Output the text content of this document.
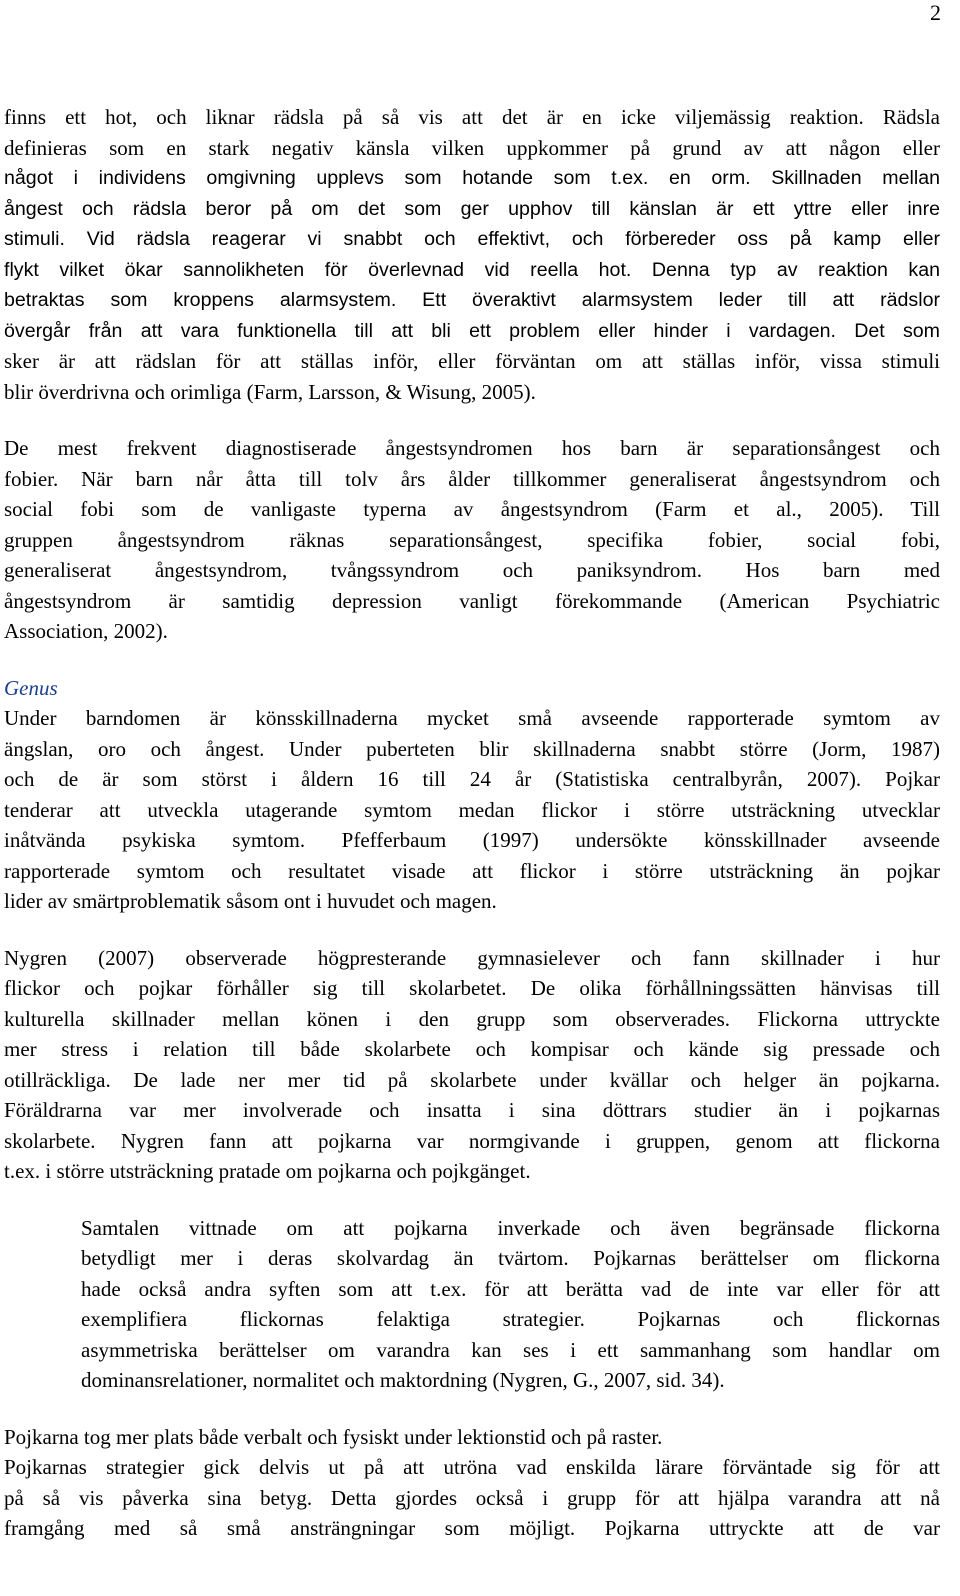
2
finns ett hot, och liknar rädsla på så vis att det är en icke viljemässig reaktion. Rädsla
definieras som en stark negativ känsla vilken uppkommer på grund av att någon eller
något i individens omgivning upplevs som hotande som t.ex. en orm. Skillnaden mellan
ångest och rädsla beror på om det som ger upphov till känslan är ett yttre eller inre
stimuli. Vid rädsla reagerar vi snabbt och effektivt, och förbereder oss på kamp eller
flykt vilket ökar sannolikheten för överlevnad vid reella hot. Denna typ av reaktion kan
betraktas som kroppens alarmsystem. Ett överaktivt alarmsystem leder till att rädslor
övergår från att vara funktionella till att bli ett problem eller hinder i vardagen. Det som
sker är att rädslan för att ställas inför, eller förväntan om att ställas inför, vissa stimuli
blir överdrivna och orimliga (Farm, Larsson, & Wisung, 2005).
De mest frekvent diagnostiserade ångestsyndromen hos barn är separationsångest och
fobier. När barn når åtta till tolv års ålder tillkommer generaliserat ångestsyndrom och
social fobi som de vanligaste typerna av ångestsyndrom (Farm et al., 2005). Till
gruppen ångestsyndrom räknas separationsångest, specifika fobier, social fobi,
generaliserat ångestsyndrom, tvångssyndrom och paniksyndrom. Hos barn med
ångestsyndrom är samtidig depression vanligt förekommande (American Psychiatric
Association, 2002).
Genus
Under barndomen är könsskillnaderna mycket små avseende rapporterade symtom av
ängslan, oro och ångest. Under puberteten blir skillnaderna snabbt större (Jorm, 1987)
och de är som störst i åldern 16 till 24 år (Statistiska centralbyrån, 2007). Pojkar
tenderar att utveckla utagerande symtom medan flickor i större utsträckning utvecklar
inåtvända psykiska symtom. Pfefferbaum (1997) undersökte könsskillnader avseende
rapporterade symtom och resultatet visade att flickor i större utsträckning än pojkar
lider av smärtproblematik såsom ont i huvudet och magen.
Nygren (2007) observerade högpresterande gymnasielever och fann skillnader i hur
flickor och pojkar förhåller sig till skolarbetet. De olika förhållningssätten hänvisas till
kulturella skillnader mellan könen i den grupp som observerades. Flickorna uttryckte
mer stress i relation till både skolarbete och kompisar och kände sig pressade och
otillräckliga. De lade ner mer tid på skolarbete under kvällar och helger än pojkarna.
Föräldrarna var mer involverade och insatta i sina döttrars studier än i pojkarnas
skolarbete. Nygren fann att pojkarna var normgivande i gruppen, genom att flickorna
t.ex. i större utsträckning pratade om pojkarna och pojkgänget.
Samtalen vittnade om att pojkarna inverkade och även begränsade flickorna
betydligt mer i deras skolvardag än tvärtom. Pojkarnas berättelser om flickorna
hade också andra syften som att t.ex. för att berätta vad de inte var eller för att
exemplifiera flickornas felaktiga strategier. Pojkarnas och flickornas
asymmetriska berättelser om varandra kan ses i ett sammanhang som handlar om
dominansrelationer, normalitet och maktordning (Nygren, G., 2007, sid. 34).
Pojkarna tog mer plats både verbalt och fysiskt under lektionstid och på raster.
Pojkarnas strategier gick delvis ut på att utröna vad enskilda lärare förväntade sig för att
på så vis påverka sina betyg. Detta gjordes också i grupp för att hjälpa varandra att nå
framgång med så små ansträngningar som möjligt. Pojkarna uttryckte att de var
